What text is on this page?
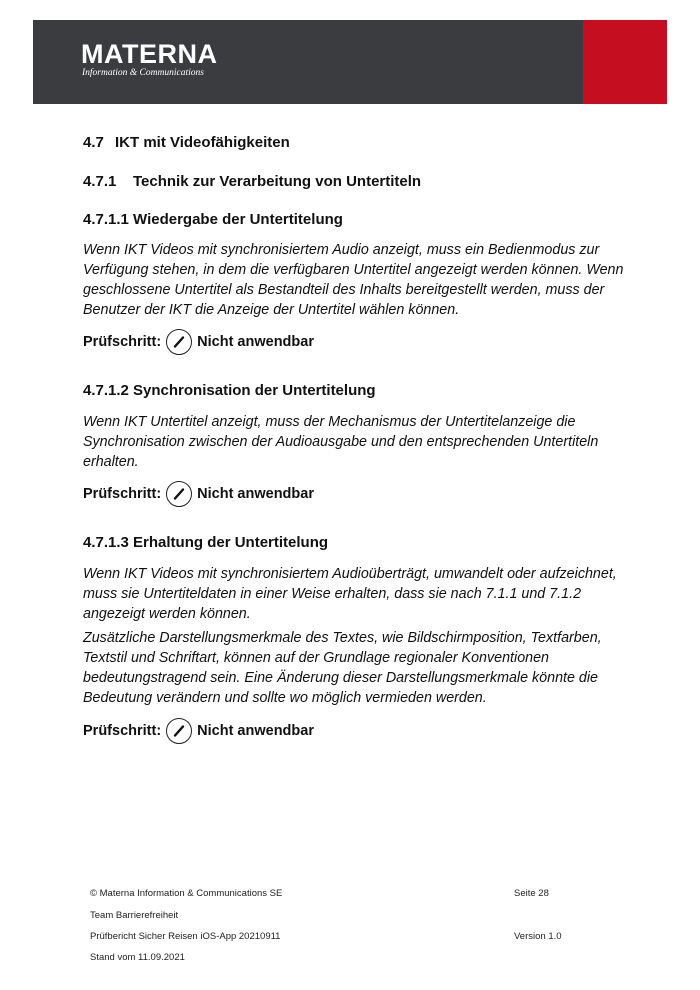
MATERNA
Information & Communications
4.7 IKT mit Videofähigkeiten
4.7.1 Technik zur Verarbeitung von Untertiteln
4.7.1.1 Wiedergabe der Untertitelung

Wenn IKT Videos mit synchronisiertem Audio anzeigt, muss ein Bedienmodus zur Verfügung stehen, in dem die verfügbaren Untertitel angezeigt werden können. Wenn geschlossene Untertitel als Bestandteil des Inhalts bereitgestellt werden, muss der Benutzer der IKT die Anzeige der Untertitel wählen können.

Prüfschritt: Nicht anwendbar
4.7.1.2 Synchronisation der Untertitelung

Wenn IKT Untertitel anzeigt, muss der Mechanismus der Untertitelanzeige die Synchronisation zwischen der Audioausgabe und den entsprechenden Untertiteln erhalten.

Prüfschritt: Nicht anwendbar
4.7.1.3 Erhaltung der Untertitelung

Wenn IKT Videos mit synchronisiertem Audioüberträgt, umwandelt oder aufzeichnet, muss sie Untertiteldaten in einer Weise erhalten, dass sie nach 7.1.1 und 7.1.2 angezeigt werden können.

Zusätzliche Darstellungsmerkmale des Textes, wie Bildschirmposition, Textfarben, Textstil und Schriftart, können auf der Grundlage regionaler Konventionen bedeutungstragend sein. Eine Änderung dieser Darstellungsmerkmale könnte die Bedeutung verändern und sollte wo möglich vermieden werden.

Prüfschritt: Nicht anwendbar
© Materna Information & Communications SE	Seite 28
Team Barrierefreiheit
Prüfbericht Sicher Reisen iOS-App 20210911	Version 1.0
Stand vom 11.09.2021
